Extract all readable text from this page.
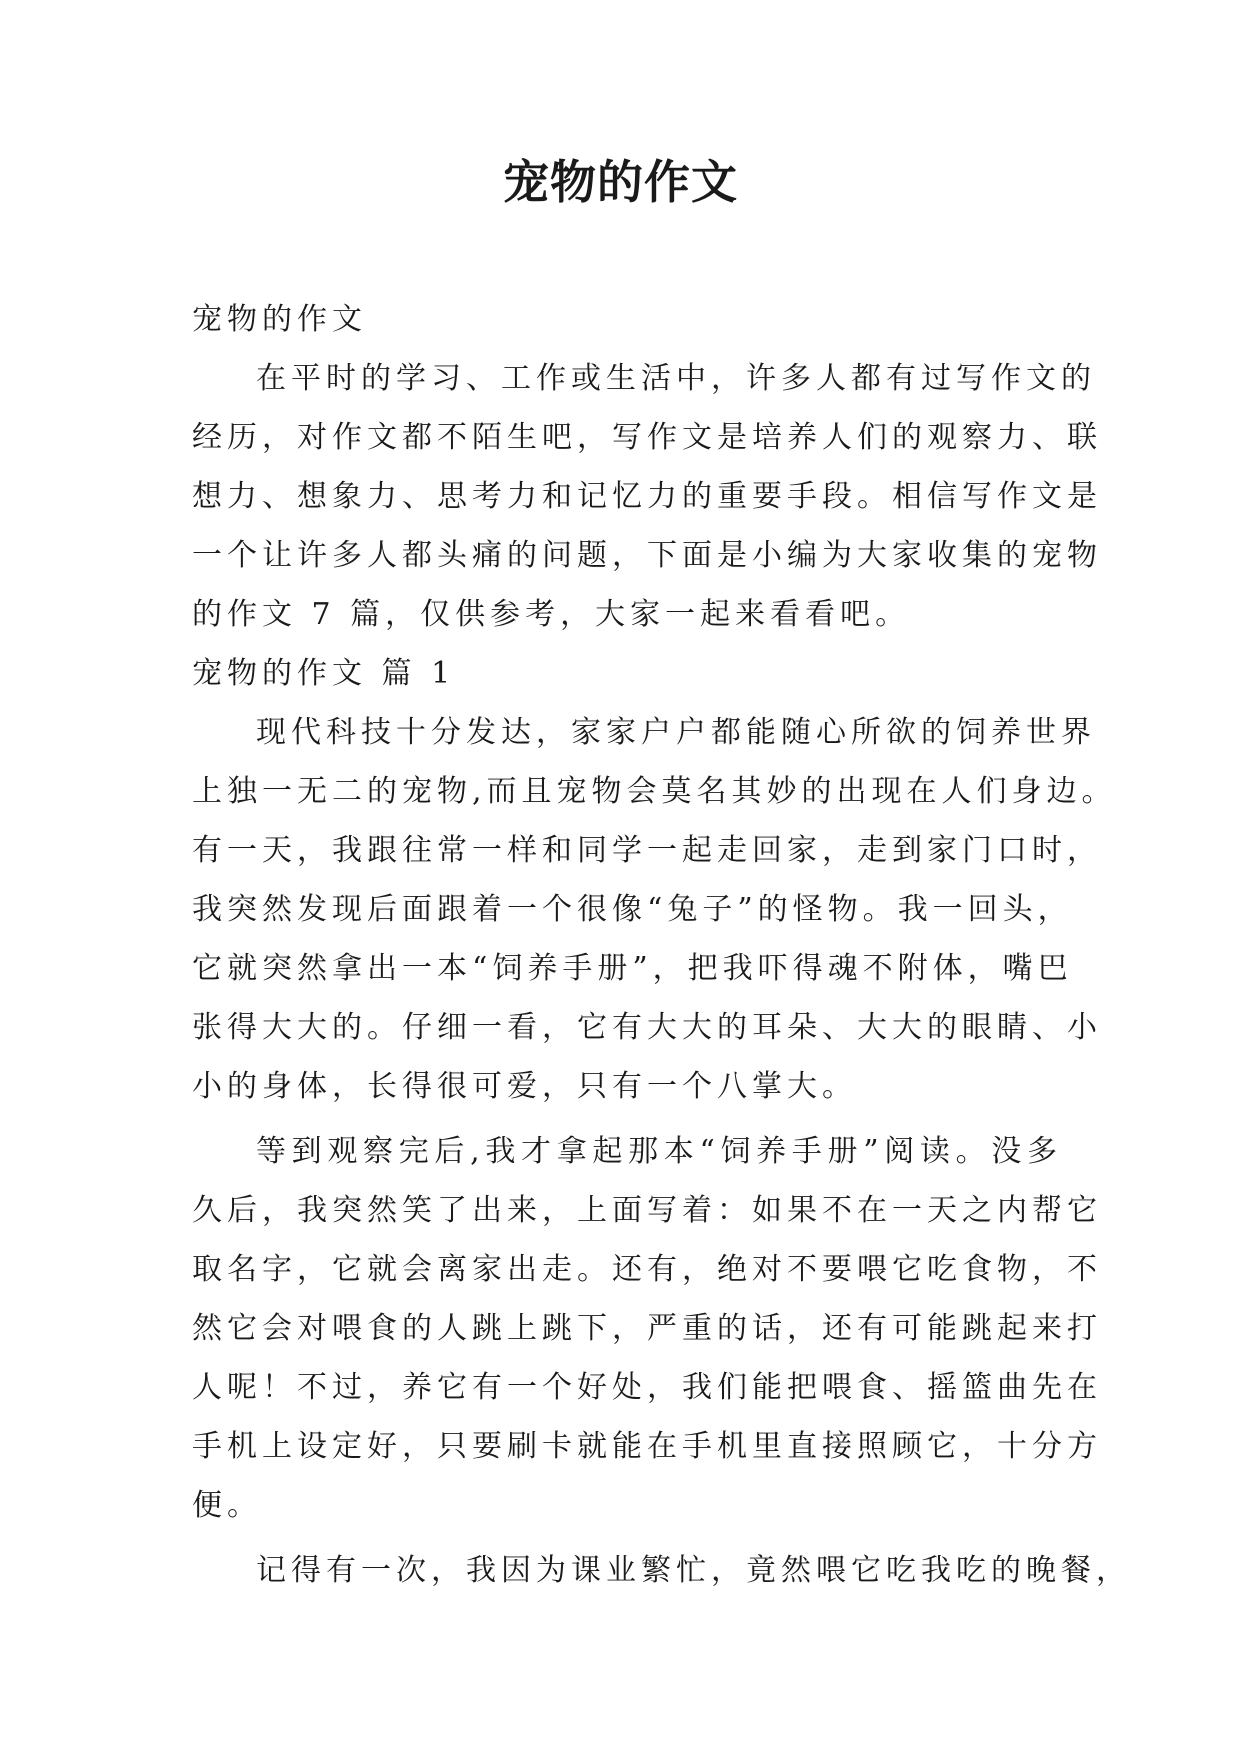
宠物的作文
宠物的作文
在平时的学习、工作或生活中，许多人都有过写作文的
经历，对作文都不陌生吧，写作文是培养人们的观察力、联
想力、想象力、思考力和记忆力的重要手段。相信写作文是
一个让许多人都头痛的问题，下面是小编为大家收集的宠物
的作文 7 篇，仅供参考，大家一起来看看吧。
宠物的作文 篇 1
现代科技十分发达，家家户户都能随心所欲的饲养世界
上独一无二的宠物,而且宠物会莫名其妙的出现在人们身边。
有一天，我跟往常一样和同学一起走回家，走到家门口时，
我突然发现后面跟着一个很像“兔子”的怪物。我一回头，
它就突然拿出一本“饲养手册”，把我吓得魂不附体，嘴巴
张得大大的。仔细一看，它有大大的耳朵、大大的眼睛、小
小的身体，长得很可爱，只有一个八掌大。
等到观察完后,我才拿起那本“饲养手册”阅读。没多
久后，我突然笑了出来，上面写着：如果不在一天之内帮它
取名字，它就会离家出走。还有，绝对不要喂它吃食物，不
然它会对喂食的人跳上跳下，严重的话，还有可能跳起来打
人呢！不过，养它有一个好处，我们能把喂食、摇篮曲先在
手机上设定好，只要刷卡就能在手机里直接照顾它，十分方
便。
记得有一次，我因为课业繁忙，竟然喂它吃我吃的晚餐，
